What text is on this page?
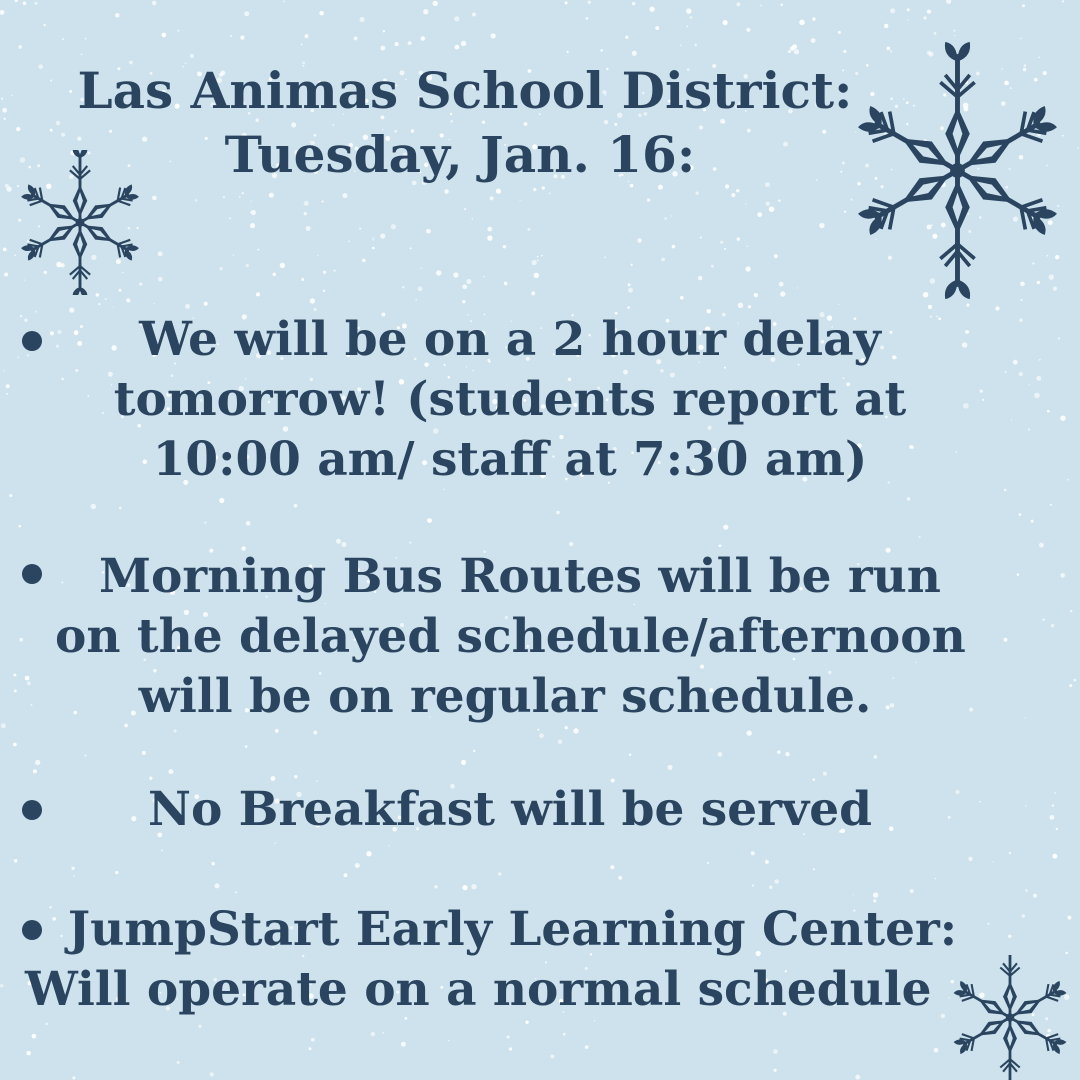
Las Animas School District:
Tuesday, Jan. 16:
We will be on a 2 hour delay
tomorrow! (students report at
10:00 am/ staff at 7:30 am)
Morning Bus Routes will be run
on the delayed schedule/afternoon
will be on regular schedule.
No Breakfast will be served
JumpStart Early Learning Center:
Will operate on a normal schedule
